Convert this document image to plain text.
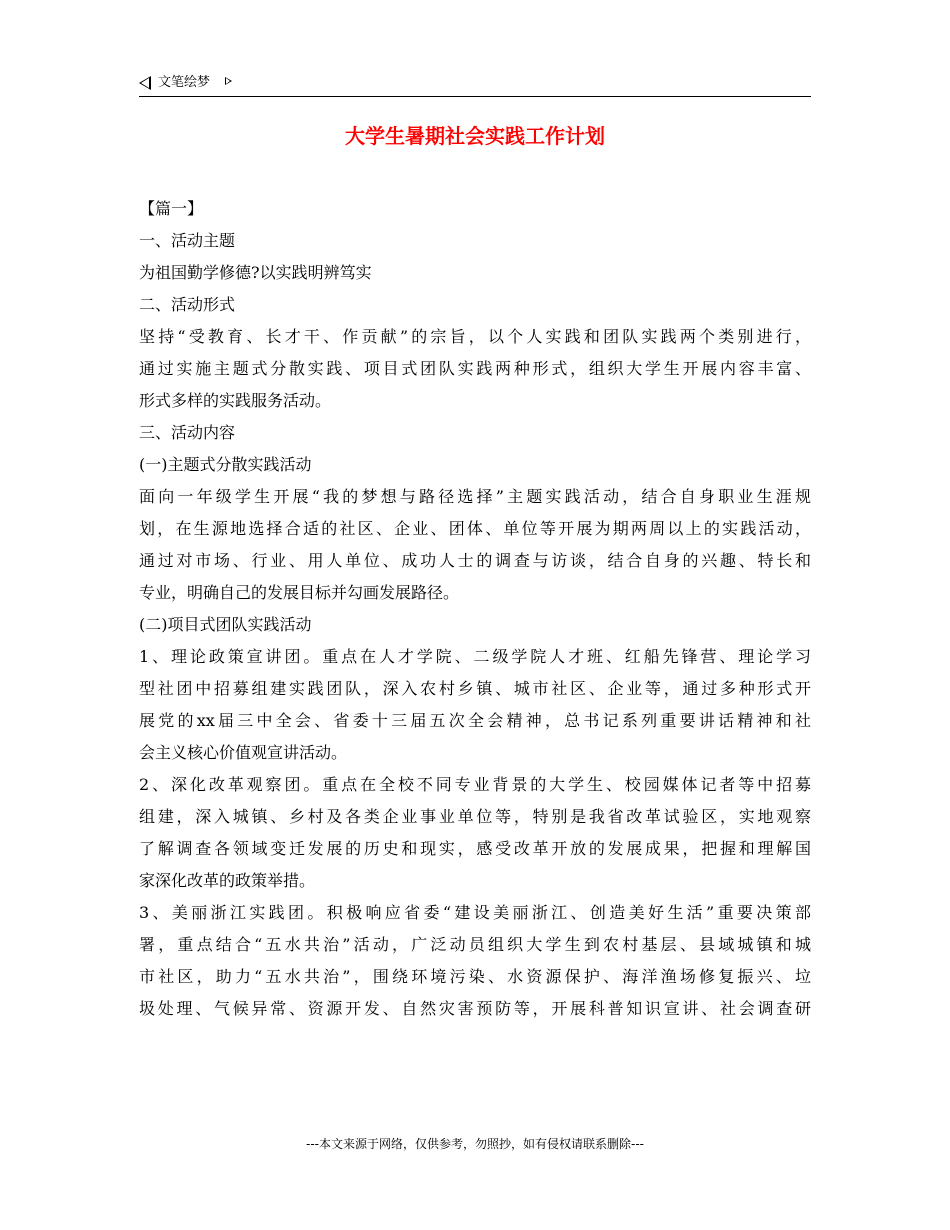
文笔绘梦
大学生暑期社会实践工作计划

【篇一】

一、活动主题

为祖国勤学修德?以实践明辨笃实

二、活动形式

坚持“受教育、长才干、作贡献”的宗旨，以个人实践和团队实践两个类别进行，

通过实施主题式分散实践、项目式团队实践两种形式，组织大学生开展内容丰富、

形式多样的实践服务活动。

三、活动内容

(一)主题式分散实践活动

面向一年级学生开展“我的梦想与路径选择”主题实践活动，结合自身职业生涯规

划，在生源地选择合适的社区、企业、团体、单位等开展为期两周以上的实践活动，

通过对市场、行业、用人单位、成功人士的调查与访谈，结合自身的兴趣、特长和

专业，明确自己的发展目标并勾画发展路径。

(二)项目式团队实践活动

1、理论政策宣讲团。重点在人才学院、二级学院人才班、红船先锋营、理论学习

型社团中招募组建实践团队，深入农村乡镇、城市社区、企业等，通过多种形式开

展党的xx届三中全会、省委十三届五次全会精神，总书记系列重要讲话精神和社

会主义核心价值观宣讲活动。

2、深化改革观察团。重点在全校不同专业背景的大学生、校园媒体记者等中招募

组建，深入城镇、乡村及各类企业事业单位等，特别是我省改革试验区，实地观察

了解调查各领域变迁发展的历史和现实，感受改革开放的发展成果，把握和理解国

家深化改革的政策举措。

3、美丽浙江实践团。积极响应省委“建设美丽浙江、创造美好生活”重要决策部

署，重点结合“五水共治”活动，广泛动员组织大学生到农村基层、县域城镇和城

市社区，助力“五水共治”，围绕环境污染、水资源保护、海洋渔场修复振兴、垃

圾处理、气候异常、资源开发、自然灾害预防等，开展科普知识宣讲、社会调查研

---本文来源于网络，仅供参考，勿照抄，如有侵权请联系删除---
